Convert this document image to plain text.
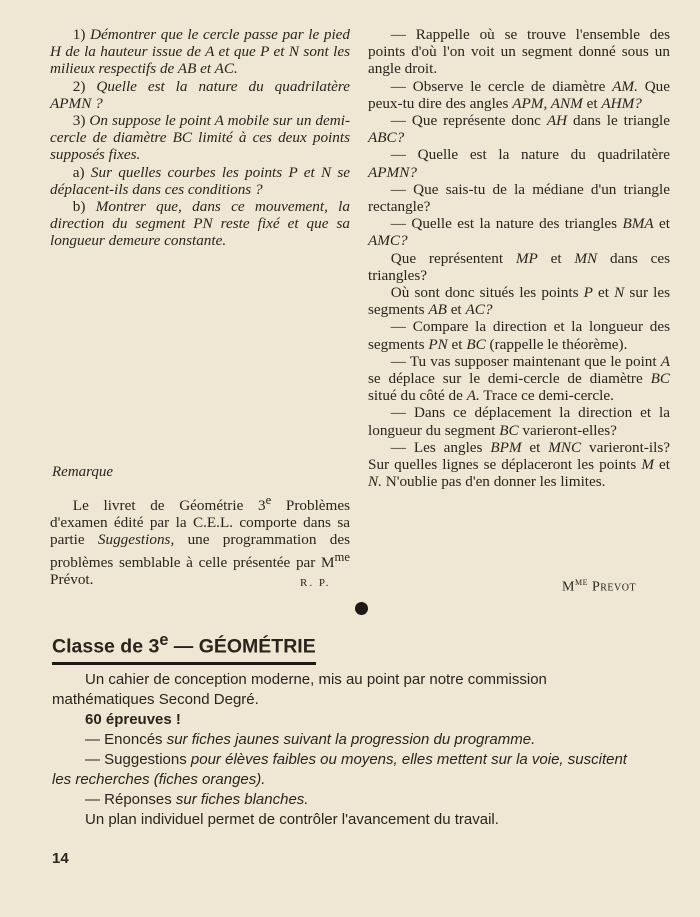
1) Démontrer que le cercle passe par le pied H de la hauteur issue de A et que P et N sont les milieux respectifs de AB et AC.

2) Quelle est la nature du quadrilatère APMN ?

3) On suppose le point A mobile sur un demi-cercle de diamètre BC limité à ces deux points supposés fixes.

a) Sur quelles courbes les points P et N se déplacent-ils dans ces conditions ?

b) Montrer que, dans ce mouvement, la direction du segment PN reste fixé et que sa longueur demeure constante.

Remarque

Le livret de Géométrie 3e Problèmes d'examen édité par la C.E.L. comporte dans sa partie Suggestions, une programmation des problèmes semblable à celle présentée par $M^{me}$ Prévot.	R. P.

— Rappelle où se trouve l'ensemble des points d'où l'on voit un segment donné sous un angle droit.

— Observe le cercle de diamètre AM. Que peux-tu dire des angles APM, ANM et AHM?

— Que représente donc AH dans le triangle ABC?

— Quelle est la nature du quadrilatère APMN?

— Que sais-tu de la médiane d'un triangle rectangle?

— Quelle est la nature des triangles BMA et AMC?

Que représentent MP et MN dans ces triangles?

Où sont donc situés les points P et N sur les segments AB et AC?

— Compare la direction et la longueur des segments PN et BC (rappelle le théorème).

— Tu vas supposer maintenant que le point A se déplace sur le demi-cercle de diamètre BC situé du côté de A. Trace ce demi-cercle.

— Dans ce déplacement la direction et la longueur du segment BC varieront-elles?

— Les angles BPM et MNC varieront-ils? Sur quelles lignes se déplaceront les points M et N. N'oublie pas d'en donner les limites.

$M^{me}$ Prevot
Classe de 3e — GÉOMÉTRIE

Un cahier de conception moderne, mis au point par notre commission mathématiques Second Degré.

60 épreuves !

— Enoncés sur fiches jaunes suivant la progression du programme.

— Suggestions pour élèves faibles ou moyens, elles mettent sur la voie, suscitent les recherches (fiches oranges).

— Réponses sur fiches blanches.

Un plan individuel permet de contrôler l'avancement du travail.

14
